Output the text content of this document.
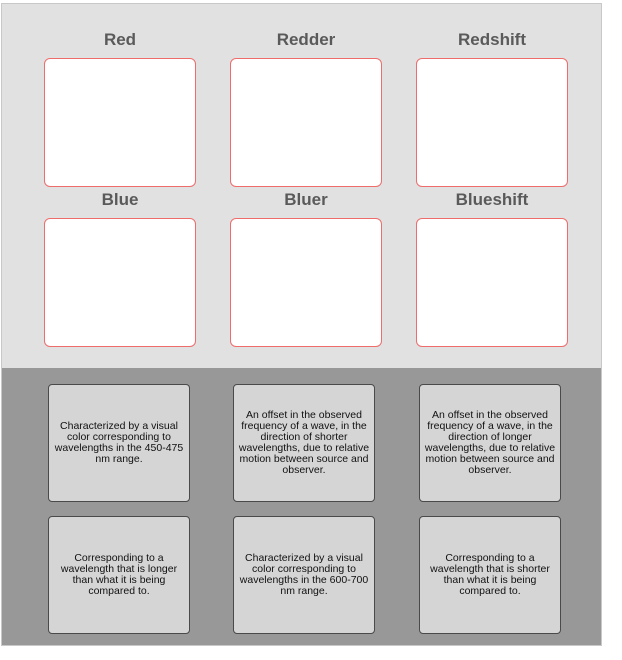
Red	Redder	Redshift
Blue	Bluer	Blueshift
Characterized by a visual color corresponding to wavelengths in the 450-475 nm range.
An offset in the observed frequency of a wave, in the direction of shorter wavelengths, due to relative motion between source and observer.
An offset in the observed frequency of a wave, in the direction of longer wavelengths, due to relative motion between source and observer.
Corresponding to a wavelength that is longer than what it is being compared to.
Characterized by a visual color corresponding to wavelengths in the 600-700 nm range.
Corresponding to a wavelength that is shorter than what it is being compared to.
